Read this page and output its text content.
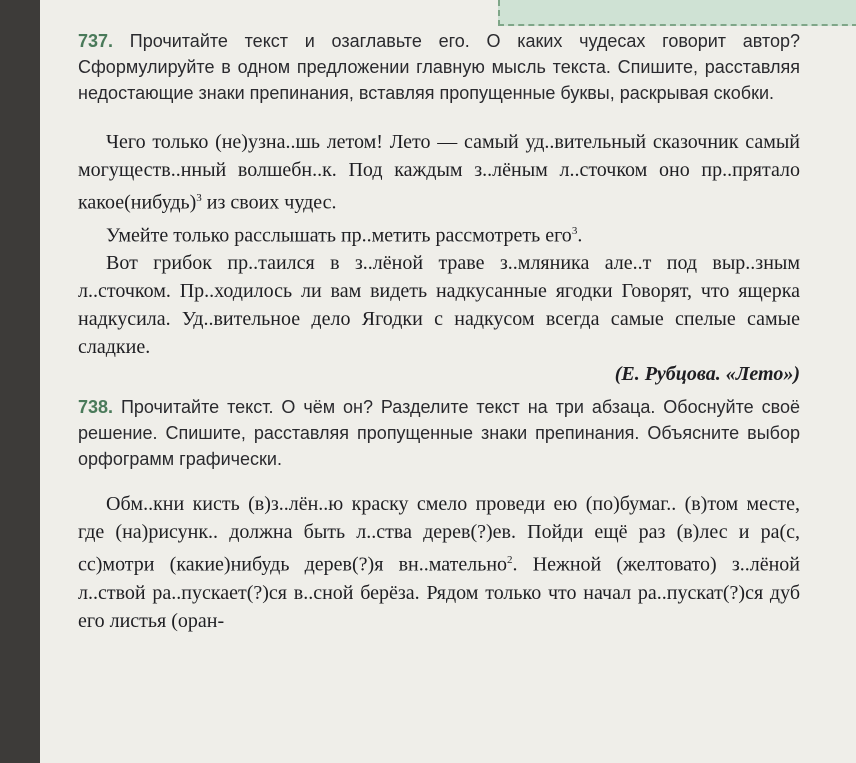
737. Прочитайте текст и озаглавьте его. О каких чудесах говорит автор? Сформулируйте в одном предложении главную мысль текста. Спишите, расставляя недостающие знаки препинания, вставляя пропущенные буквы, раскрывая скобки.

Чего только (не)узна..шь летом! Лето — самый уд..вительный сказочник самый могуществ..нный волшебн..к. Под каждым з..лёным л..сточком оно пр..прятало какое(нибудь)$^3$ из своих чудес.

Умейте только расслышать пр..метить рассмотреть его$^3$.

Вот грибок пр..таился в з..лёной траве з..мляника але..т под выр..зным л..сточком. Пр..ходилось ли вам видеть надкусанные ягодки Говорят, что ящерка надкусила. Уд..вительное дело Ягодки с надкусом всегда самые спелые самые сладкие.

(Е. Рубцова. «Лето»)

738. Прочитайте текст. О чём он? Разделите текст на три абзаца. Обоснуйте своё решение. Спишите, расставляя пропущенные знаки препинания. Объясните выбор орфограмм графически.

Обм..кни кисть (в)з..лён..ю краску смело проведи ею (по)бумаг.. (в)том месте, где (на)рисунк.. должна быть л..ства дерев(?)ев. Пойди ещё раз (в)лес и ра(с, сс)мотри (какие)нибудь дерев(?)я вн..мательно$^2$. Нежной (желтовато) з..лёной л..ствой ра..пускает(?)ся в..сной берёза. Рядом только что начал ра..пускат(?)ся дуб его листья (оран-
